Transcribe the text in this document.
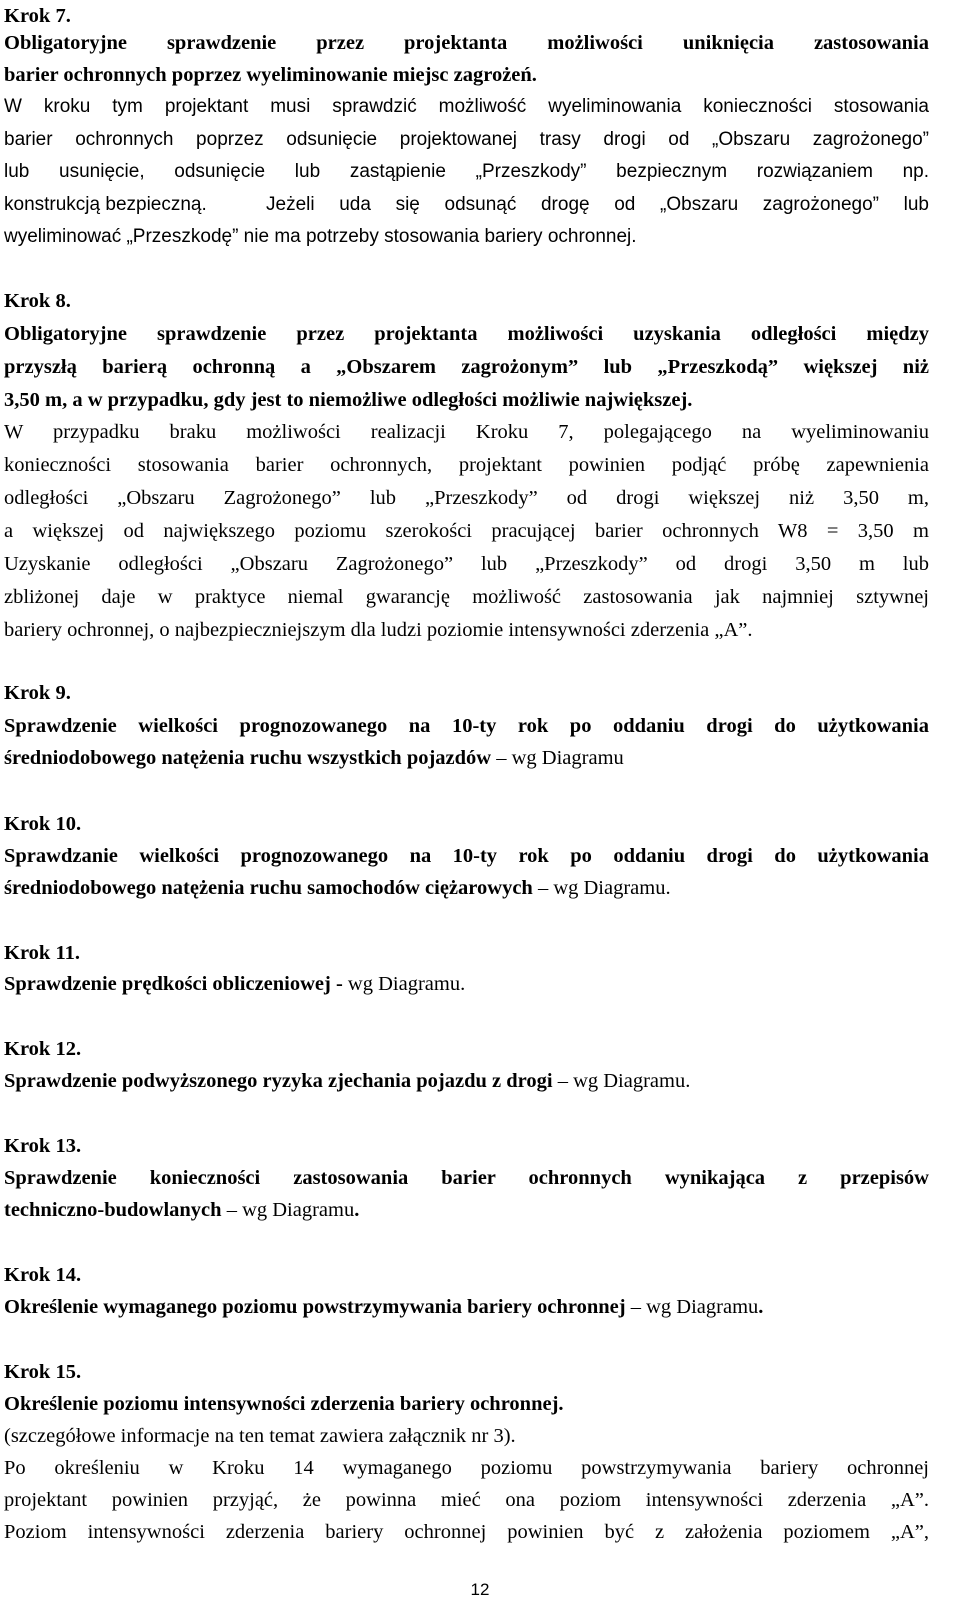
Krok 7.
Obligatoryjne sprawdzenie przez projektanta możliwości uniknięcia zastosowania
barier ochronnych poprzez wyeliminowanie miejsc zagrożeń.
W kroku tym projektant musi sprawdzić możliwość wyeliminowania konieczności stosowania
barier ochronnych poprzez odsunięcie projektowanej trasy drogi od „Obszaru zagrożonego”
lub usunięcie, odsunięcie lub zastąpienie „Przeszkody” bezpiecznym rozwiązaniem np.
konstrukcją bezpieczną.	Jeżeli uda się odsunąć drogę od „Obszaru zagrożonego” lub
wyeliminować „Przeszkodę” nie ma potrzeby stosowania bariery ochronnej.
Krok 8.
Obligatoryjne sprawdzenie przez projektanta możliwości uzyskania odległości między
przyszłą barierą ochronną a „Obszarem zagrożonym” lub „Przeszkodą” większej niż
3,50 m, a w przypadku, gdy jest to niemożliwe odległości możliwie największej.
W przypadku braku możliwości realizacji Kroku 7, polegającego na wyeliminowaniu
konieczności stosowania barier ochronnych, projektant powinien podjąć próbę zapewnienia
odległości „Obszaru Zagrożonego” lub „Przeszkody” od drogi większej niż 3,50 m,
a większej od największego poziomu szerokości pracującej barier ochronnych W8 = 3,50 m
Uzyskanie odległości „Obszaru Zagrożonego” lub „Przeszkody” od drogi 3,50 m lub
zbliżonej daje w praktyce niemal gwarancję możliwość zastosowania jak najmniej sztywnej
bariery ochronnej, o najbezpieczniejszym dla ludzi poziomie intensywności zderzenia „A”.
Krok 9.
Sprawdzenie wielkości prognozowanego na 10-ty rok po oddaniu drogi do użytkowania
średniodobowego natężenia ruchu wszystkich pojazdów – wg Diagramu
Krok 10.
Sprawdzanie wielkości prognozowanego na 10-ty rok po oddaniu drogi do użytkowania
średniodobowego natężenia ruchu samochodów ciężarowych – wg Diagramu.
Krok 11.
Sprawdzenie prędkości obliczeniowej - wg Diagramu.
Krok 12.
Sprawdzenie podwyższonego ryzyka zjechania pojazdu z drogi – wg Diagramu.
Krok 13.
Sprawdzenie konieczności zastosowania barier ochronnych wynikająca z przepisów
techniczno-budowlanych – wg Diagramu.
Krok 14.
Określenie wymaganego poziomu powstrzymywania bariery ochronnej – wg Diagramu.
Krok 15.
Określenie poziomu intensywności zderzenia bariery ochronnej.
(szczegółowe informacje na ten temat zawiera załącznik nr 3).
Po określeniu w Kroku 14 wymaganego poziomu powstrzymywania bariery ochronnej
projektant powinien przyjąć, że powinna mieć ona poziom intensywności zderzenia „A”.
Poziom intensywności zderzenia bariery ochronnej powinien być z założenia poziomem „A”,
12
